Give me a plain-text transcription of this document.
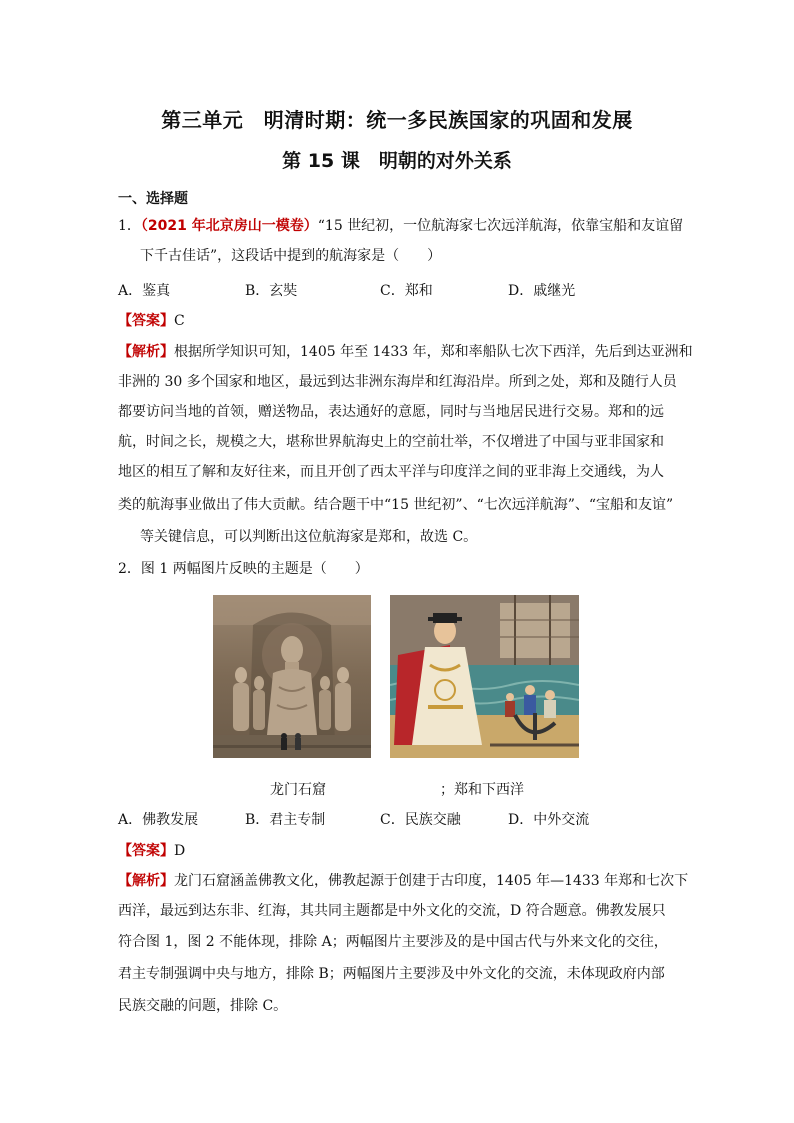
第三单元　明清时期：统一多民族国家的巩固和发展
第 15 课　明朝的对外关系
一、选择题
1．（2021 年北京房山一模卷）“15 世纪初，一位航海家七次远洋航海，依靠宝船和友谊留
下千古佳话”，这段话中提到的航海家是（　　）
A．鉴真	B．玄奘	C．郑和	D．戚继光
【答案】C
【解析】根据所学知识可知，1405 年至 1433 年，郑和率船队七次下西洋，先后到达亚洲和
非洲的 30 多个国家和地区，最远到达非洲东海岸和红海沿岸。所到之处，郑和及随行人员
都要访问当地的首领，赠送物品，表达通好的意愿，同时与当地居民进行交易。郑和的远
航，时间之长，规模之大，堪称世界航海史上的空前壮举，不仅增进了中国与亚非国家和
地区的相互了解和友好往来，而且开创了西太平洋与印度洋之间的亚非海上交通线，为人
类的航海事业做出了伟大贡献。结合题干中“15 世纪初”、“七次远洋航海”、“宝船和友谊”
等关键信息，可以判断出这位航海家是郑和，故选 C。
2．图 1 两幅图片反映的主题是（　　）
龙门石窟	；郑和下西洋
A．佛教发展	B．君主专制	C．民族交融	D．中外交流
【答案】D
【解析】龙门石窟涵盖佛教文化，佛教起源于创建于古印度，1405 年—1433 年郑和七次下
西洋，最远到达东非、红海，其共同主题都是中外文化的交流，D 符合题意。佛教发展只
符合图 1，图 2 不能体现，排除 A；两幅图片主要涉及的是中国古代与外来文化的交往，
君主专制强调中央与地方，排除 B；两幅图片主要涉及中外文化的交流，未体现政府内部
民族交融的问题，排除 C。
